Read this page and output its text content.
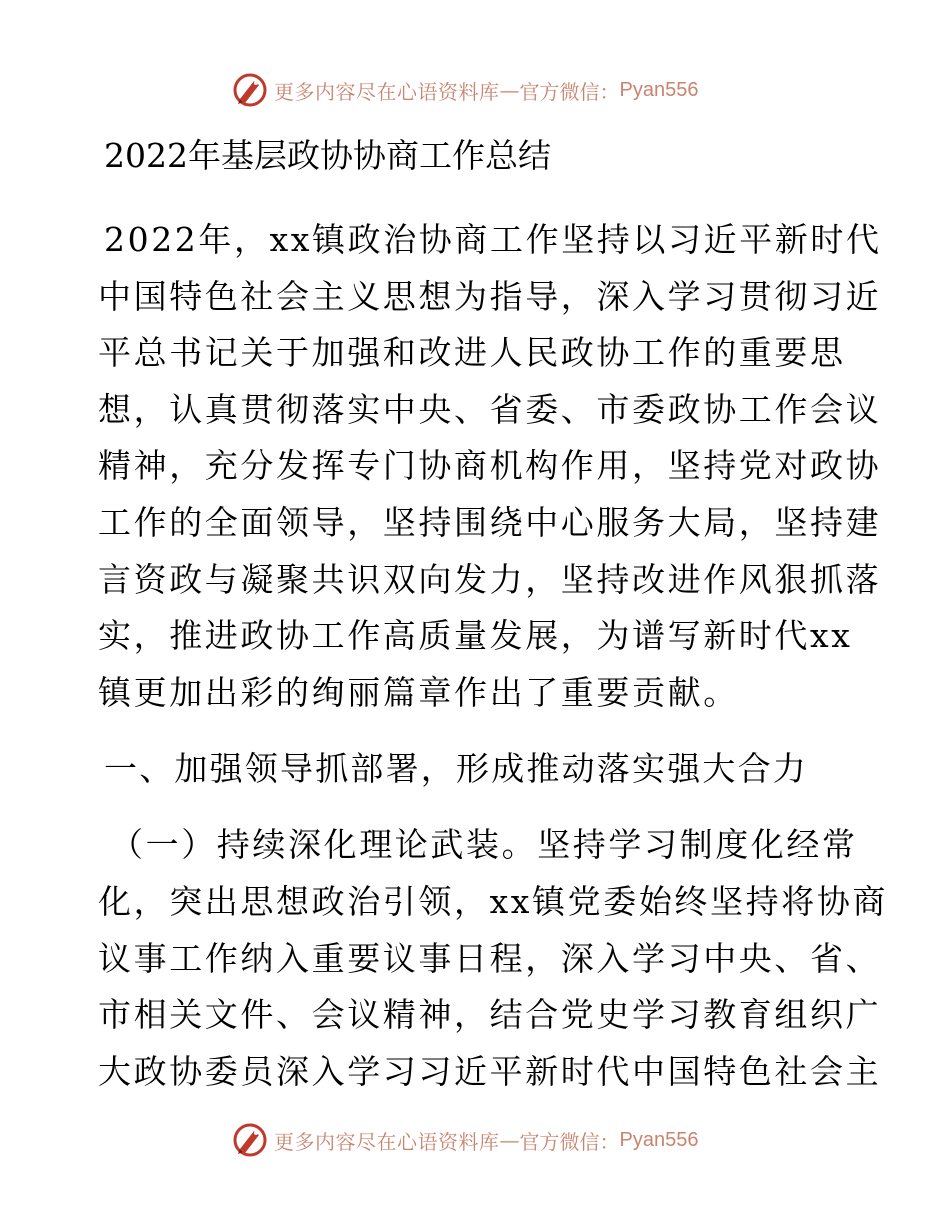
更多内容尽在心语资料库 — 官方微信： Pyan556
2022年基层政协协商工作总结
2022年，xx镇政治协商工作坚持以习近平新时代
中国特色社会主义思想为指导，深入学习贯彻习近
平总书记关于加强和改进人民政协工作的重要思
想，认真贯彻落实中央、省委、市委政协工作会议
精神，充分发挥专门协商机构作用，坚持党对政协
工作的全面领导，坚持围绕中心服务大局，坚持建
言资政与凝聚共识双向发力，坚持改进作风狠抓落
实，推进政协工作高质量发展，为谱写新时代xx
镇更加出彩的绚丽篇章作出了重要贡献。
一、加强领导抓部署，形成推动落实强大合力
（一）持续深化理论武装。坚持学习制度化经常
化，突出思想政治引领，xx镇党委始终坚持将协商
议事工作纳入重要议事日程，深入学习中央、省、
市相关文件、会议精神，结合党史学习教育组织广
大政协委员深入学习习近平新时代中国特色社会主
更多内容尽在心语资料库 — 官方微信： Pyan556
